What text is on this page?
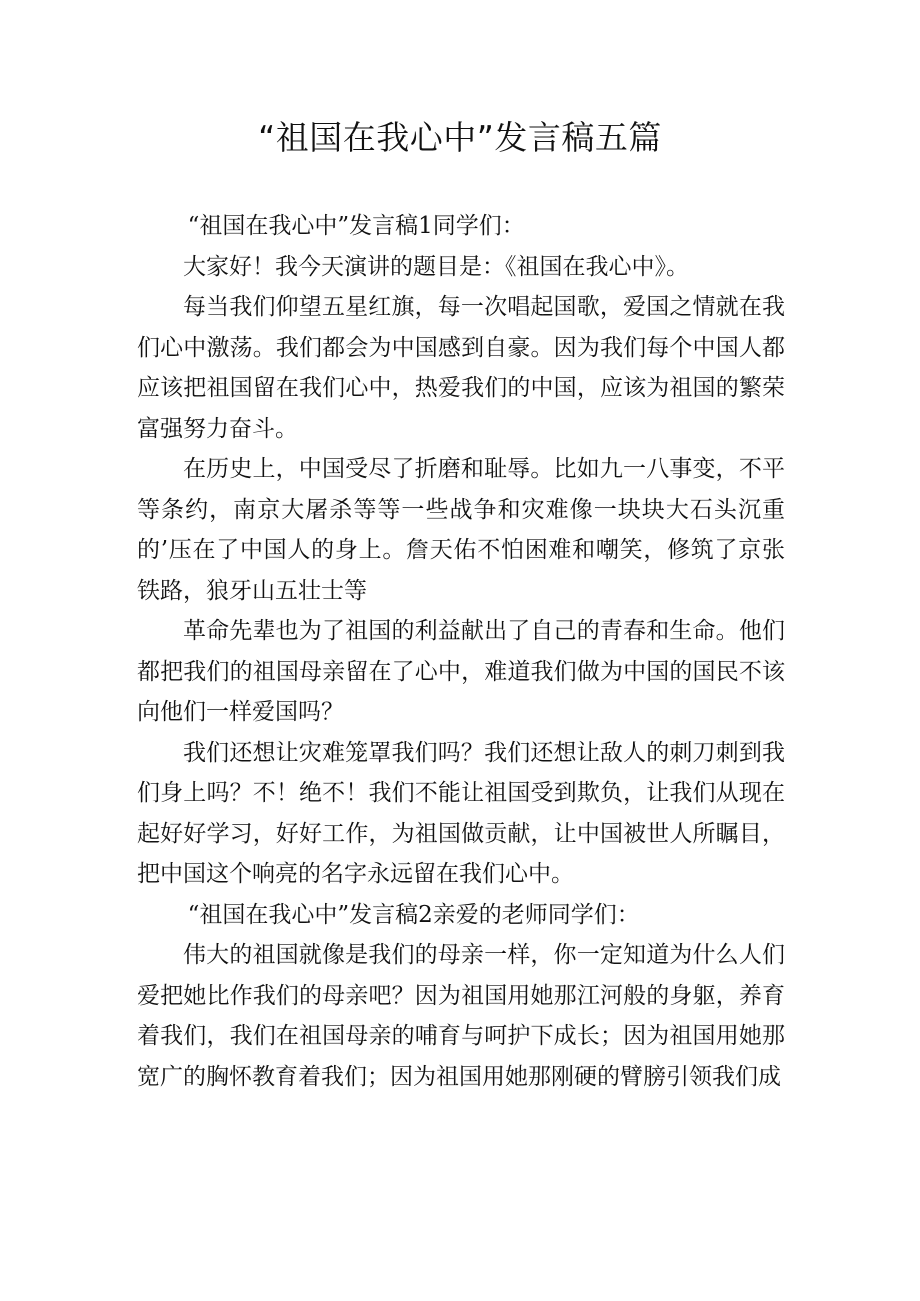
“祖国在我心中”发言稿五篇

“祖国在我心中”发言稿1同学们：

大家好！我今天演讲的题目是：《祖国在我心中》。

每当我们仰望五星红旗，每一次唱起国歌，爱国之情就在我们心中激荡。我们都会为中国感到自豪。因为我们每个中国人都应该把祖国留在我们心中，热爱我们的中国，应该为祖国的繁荣富强努力奋斗。

在历史上，中国受尽了折磨和耻辱。比如九一八事变，不平等条约，南京大屠杀等等一些战争和灾难像一块块大石头沉重的’压在了中国人的身上。詹天佑不怕困难和嘲笑，修筑了京张铁路，狼牙山五壮士等

革命先辈也为了祖国的利益献出了自己的青春和生命。他们都把我们的祖国母亲留在了心中，难道我们做为中国的国民不该向他们一样爱国吗？

我们还想让灾难笼罩我们吗？我们还想让敌人的刺刀刺到我们身上吗？不！绝不！我们不能让祖国受到欺负，让我们从现在起好好学习，好好工作，为祖国做贡献，让中国被世人所瞩目，把中国这个响亮的名字永远留在我们心中。

“祖国在我心中”发言稿2亲爱的老师同学们：

伟大的祖国就像是我们的母亲一样，你一定知道为什么人们爱把她比作我们的母亲吧？因为祖国用她那江河般的身躯，养育着我们，我们在祖国母亲的哺育与呵护下成长；因为祖国用她那宽广的胸怀教育着我们；因为祖国用她那刚硬的臂膀引领我们成
